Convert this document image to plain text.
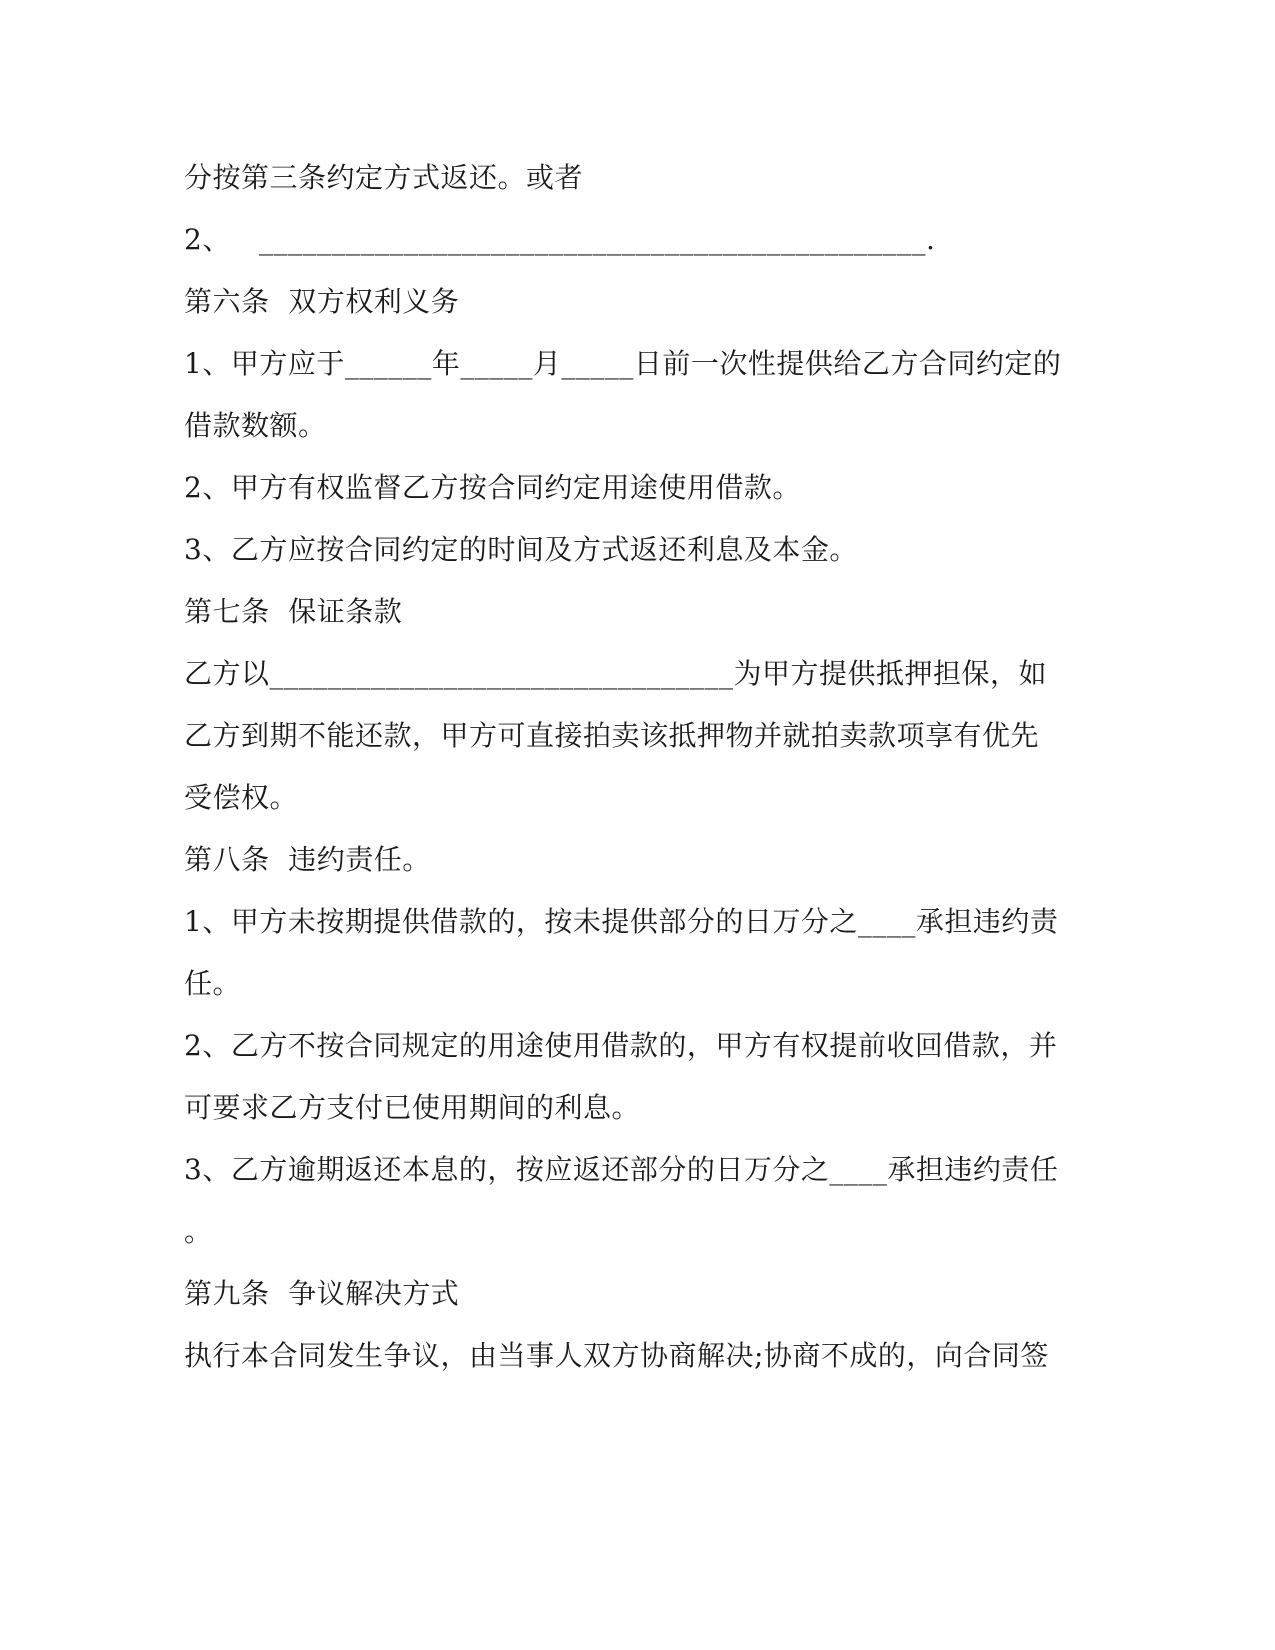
分按第三条约定方式返还。或者
2、   ______________________________________________.
第六条  双方权利义务
1、甲方应于______年_____月_____日前一次性提供给乙方合同约定的
借款数额。
2、甲方有权监督乙方按合同约定用途使用借款。
3、乙方应按合同约定的时间及方式返还利息及本金。
第七条  保证条款
乙方以________________________________为甲方提供抵押担保，如
乙方到期不能还款，甲方可直接拍卖该抵押物并就拍卖款项享有优先
受偿权。
第八条  违约责任。
1、甲方未按期提供借款的，按未提供部分的日万分之____承担违约责
任。
2、乙方不按合同规定的用途使用借款的，甲方有权提前收回借款，并
可要求乙方支付已使用期间的利息。
3、乙方逾期返还本息的，按应返还部分的日万分之____承担违约责任
。
第九条  争议解决方式
执行本合同发生争议，由当事人双方协商解决;协商不成的，向合同签
